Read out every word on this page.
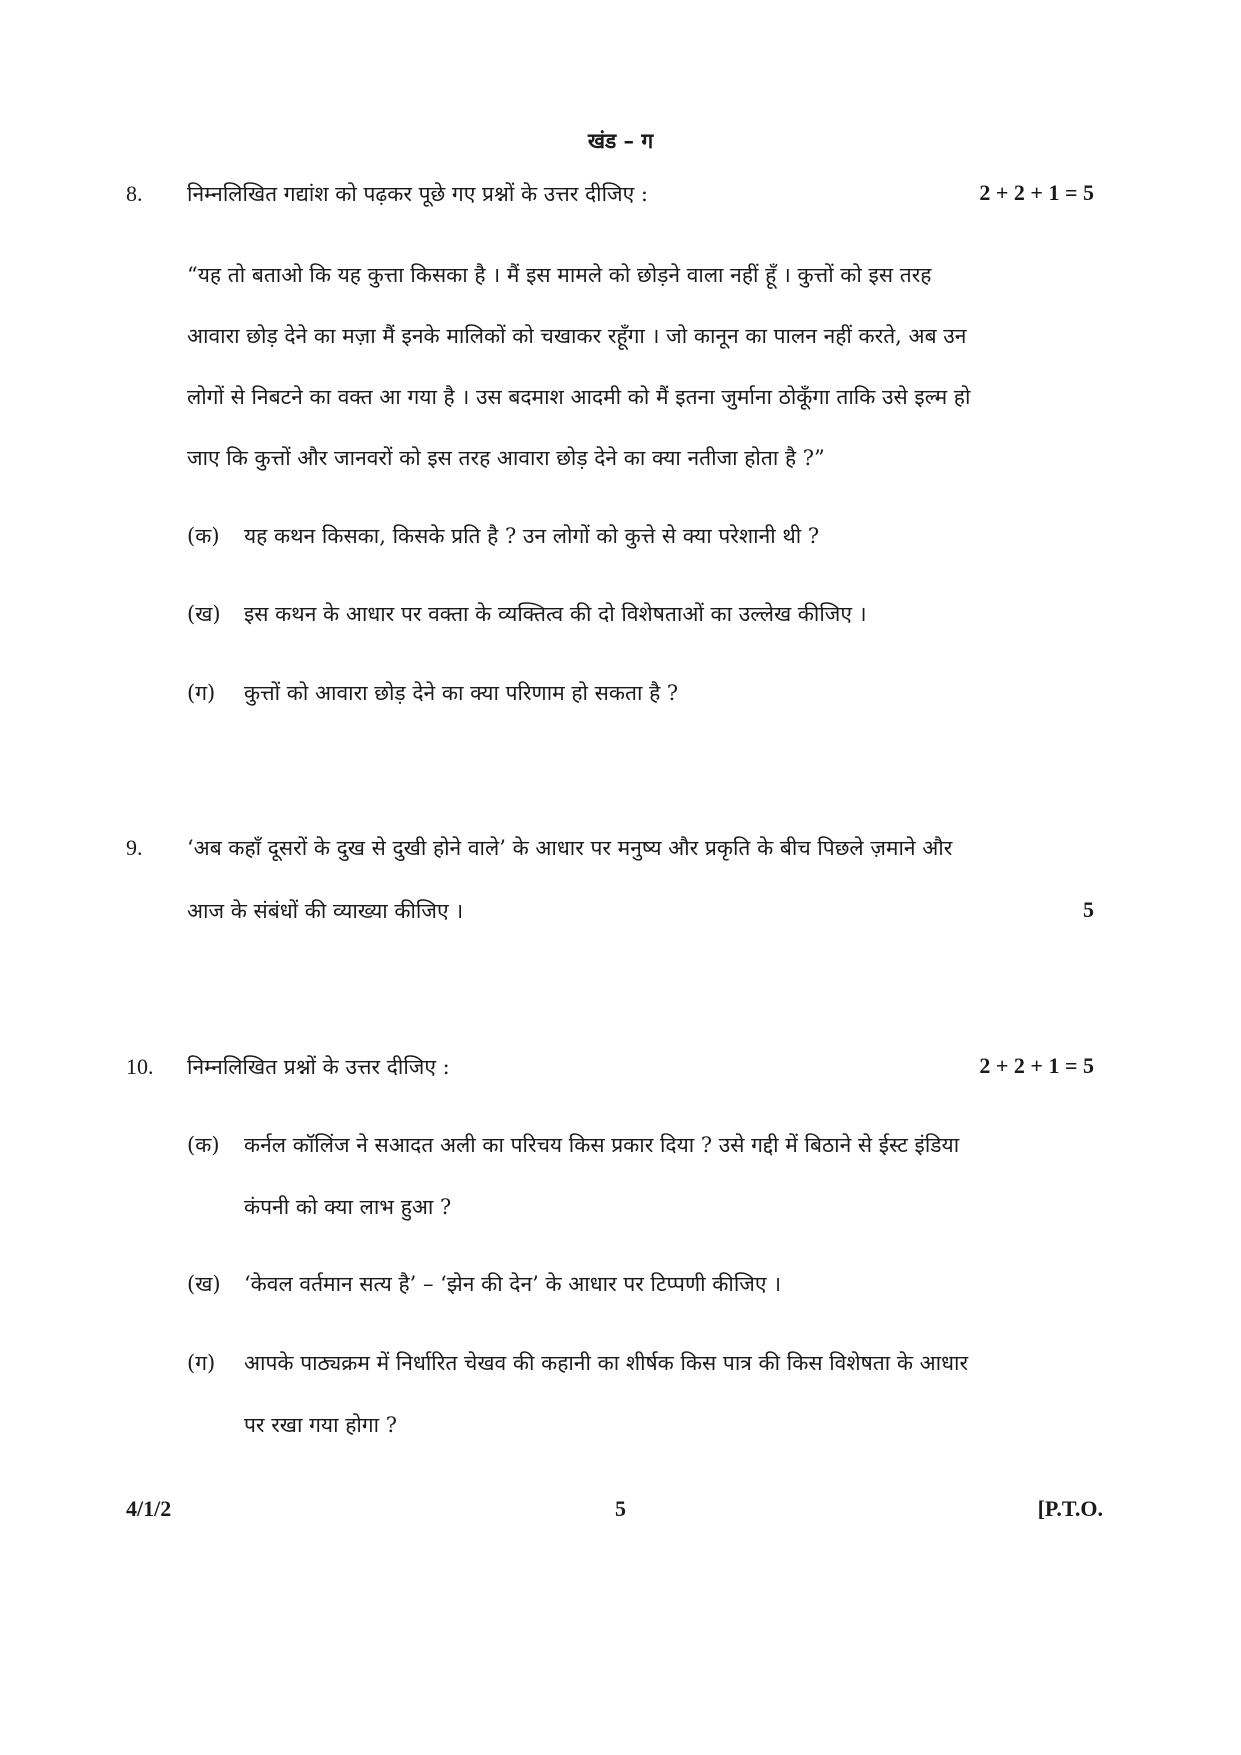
खंड – ग
8. निम्नलिखित गद्यांश को पढ़कर पूछे गए प्रश्नों के उत्तर दीजिए :	2 + 2 + 1 = 5
“यह तो बताओ कि यह कुत्ता किसका है । मैं इस मामले को छोड़ने वाला नहीं हूँ । कुत्तों को इस तरह
आवारा छोड़ देने का मज़ा मैं इनके मालिकों को चखाकर रहूँगा । जो कानून का पालन नहीं करते, अब उन
लोगों से निबटने का वक्त आ गया है । उस बदमाश आदमी को मैं इतना जुर्माना ठोकूँगा ताकि उसे इल्म हो
जाए कि कुत्तों और जानवरों को इस तरह आवारा छोड़ देने का क्या नतीजा होता है ?”
(क) यह कथन किसका, किसके प्रति है ? उन लोगों को कुत्ते से क्या परेशानी थी ?
(ख) इस कथन के आधार पर वक्ता के व्यक्तित्व की दो विशेषताओं का उल्लेख कीजिए ।
(ग) कुत्तों को आवारा छोड़ देने का क्या परिणाम हो सकता है ?
9. ‘अब कहाँ दूसरों के दुख से दुखी होने वाले’ के आधार पर मनुष्य और प्रकृति के बीच पिछले ज़माने और
आज के संबंधों की व्याख्या कीजिए ।	5
10. निम्नलिखित प्रश्नों के उत्तर दीजिए :	2 + 2 + 1 = 5
(क) कर्नल कॉलिंज ने सआदत अली का परिचय किस प्रकार दिया ? उसे गद्दी में बिठाने से ईस्ट इंडिया
कंपनी को क्या लाभ हुआ ?
(ख) ‘केवल वर्तमान सत्य है’ – ‘झेन की देन’ के आधार पर टिप्पणी कीजिए ।
(ग) आपके पाठ्यक्रम में निर्धारित चेखव की कहानी का शीर्षक किस पात्र की किस विशेषता के आधार
पर रखा गया होगा ?
4/1/2	5	[P.T.O.
